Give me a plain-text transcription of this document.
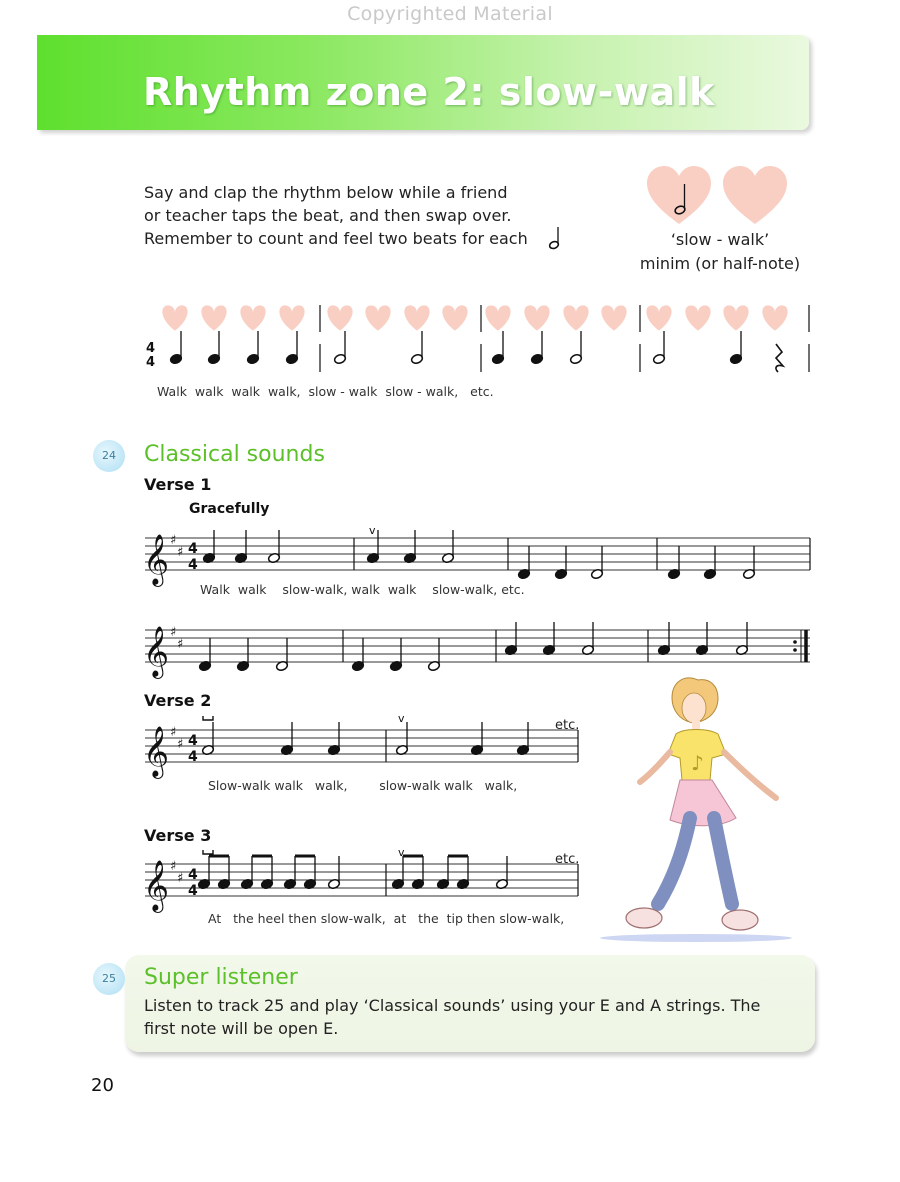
Copyrighted Material
Rhythm zone 2: slow-walk

Say and clap the rhythm below while a friend

or teacher taps the beat, and then swap over.

Remember to count and feel two beats for each	‘slow - walk’
minim (or half-note)
4
4
Walk  walk  walk  walk,  slow - walk  slow - walk,   etc.
24	Classical sounds
Verse 1
Gracefully
𝄞 ♯
♯ 4
4
v
Walk  walk    slow-walk, walk  walk    slow-walk, etc.
𝄞 ♯
♯
Verse 2
𝄞 ♯
♯ 4
4
v	etc.
Slow-walk walk   walk,        slow-walk walk   walk,
Verse 3
𝄞 ♯
♯ 4
4
v	etc.
At   the heel then slow-walk,  at   the  tip then slow-walk,
♪
25	Super listener
Listen to track 25 and play ‘Classical sounds’ using your E and A strings. The
first note will be open E.
20
